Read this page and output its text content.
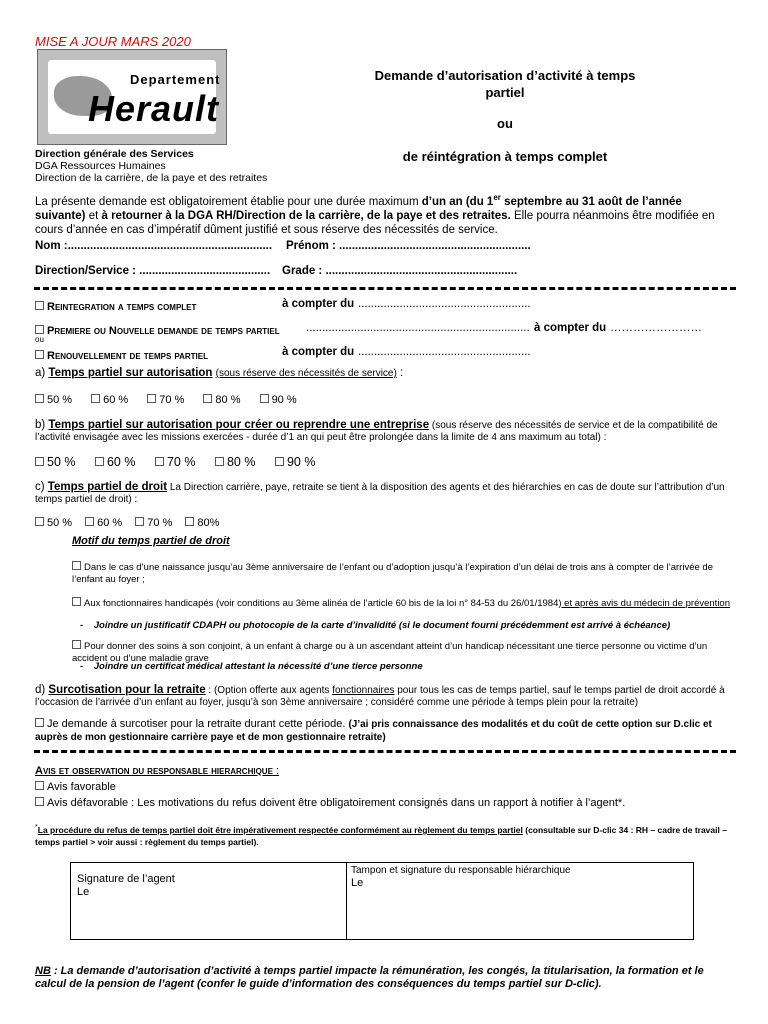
MISE A JOUR MARS 2020
Departement
Herault
Direction générale des Services
DGA Ressources Humaines
Direction de la carrière, de la paye et des retraites
Demande d’autorisation d’activité à temps
partiel
ou
de réintégration à temps complet
La présente demande est obligatoirement établie pour une durée maximum d’un an (du 1er septembre au 31 août de l’année suivante) et à retourner à la DGA RH/Direction de la carrière, de la paye et des retraites. Elle pourra néanmoins être modifiée en cours d’année en cas d’impératif dûment justifié et sous réserve des nécessités de service.
Nom :................................................................ Prénom : ............................................................
Direction/Service : ......................................... Grade : ............................................................
Reintegration a temps complet	à compter du ......................................................
Premiere ou Nouvelle demande de temps partiel ...................................................................... à compter du ……………………
ou
Renouvellement de temps partiel	à compter du ......................................................
a) Temps partiel sur autorisation (sous réserve des nécessités de service) :
50 %	60 %	70 %	80 %	90 %
b) Temps partiel sur autorisation pour créer ou reprendre une entreprise (sous réserve des nécessités de service et de la compatibilité de l’activité envisagée avec les missions exercées - durée d’1 an qui peut être prolongée dans la limite de 4 ans maximum au total) :
50 %	60 %	70 %	80 %	90 %
c) Temps partiel de droit La Direction carrière, paye, retraite se tient à la disposition des agents et des hiérarchies en cas de doute sur l’attribution d’un temps partiel de droit) :
50 % 60 % 70 % 80%
Motif du temps partiel de droit
Dans le cas d’une naissance jusqu’au 3ème anniversaire de l’enfant ou d’adoption jusqu’à l’expiration d’un délai de trois ans à compter de l’arrivée de l’enfant au foyer ;
Aux fonctionnaires handicapés (voir conditions au 3ème alinéa de l’article 60 bis de la loi n° 84-53 du 26/01/1984) et après avis du médecin de prévention
-    Joindre un justificatif CDAPH ou photocopie de la carte d’invalidité (si le document fourni précédemment est arrivé à échéance)
Pour donner des soins à son conjoint, à un enfant à charge ou à un ascendant atteint d’un handicap nécessitant une tierce personne ou victime d’un accident ou d’une maladie grave
-    Joindre un certificat médical attestant la nécessité d’une tierce personne
d) Surcotisation pour la retraite : (Option offerte aux agents fonctionnaires pour tous les cas de temps partiel, sauf le temps partiel de droit accordé à l’occasion de l’arrivée d’un enfant au foyer, jusqu’à son 3ème anniversaire ; considéré comme une période à temps plein pour la retraite)
Je demande à surcotiser pour la retraite durant cette période. (J’ai pris connaissance des modalités et du coût de cette option sur D.clic et auprès de mon gestionnaire carrière paye et de mon gestionnaire retraite)
Avis et observation du responsable hierarchique :
Avis favorable
Avis défavorable : Les motivations du refus doivent être obligatoirement consignés dans un rapport à notifier à l’agent*.
*La procédure du refus de temps partiel doit être impérativement respectée conformément au règlement du temps partiel (consultable sur D-clic 34 : RH – cadre de travail – temps partiel > voir aussi : règlement du temps partiel).
Signature de l’agent
Le
Tampon et signature du responsable hiérarchique
Le
NB : La demande d’autorisation d’activité à temps partiel impacte la rémunération, les congés, la titularisation, la formation et le calcul de la pension de l’agent (confer le guide d’information des conséquences du temps partiel sur D-clic).
